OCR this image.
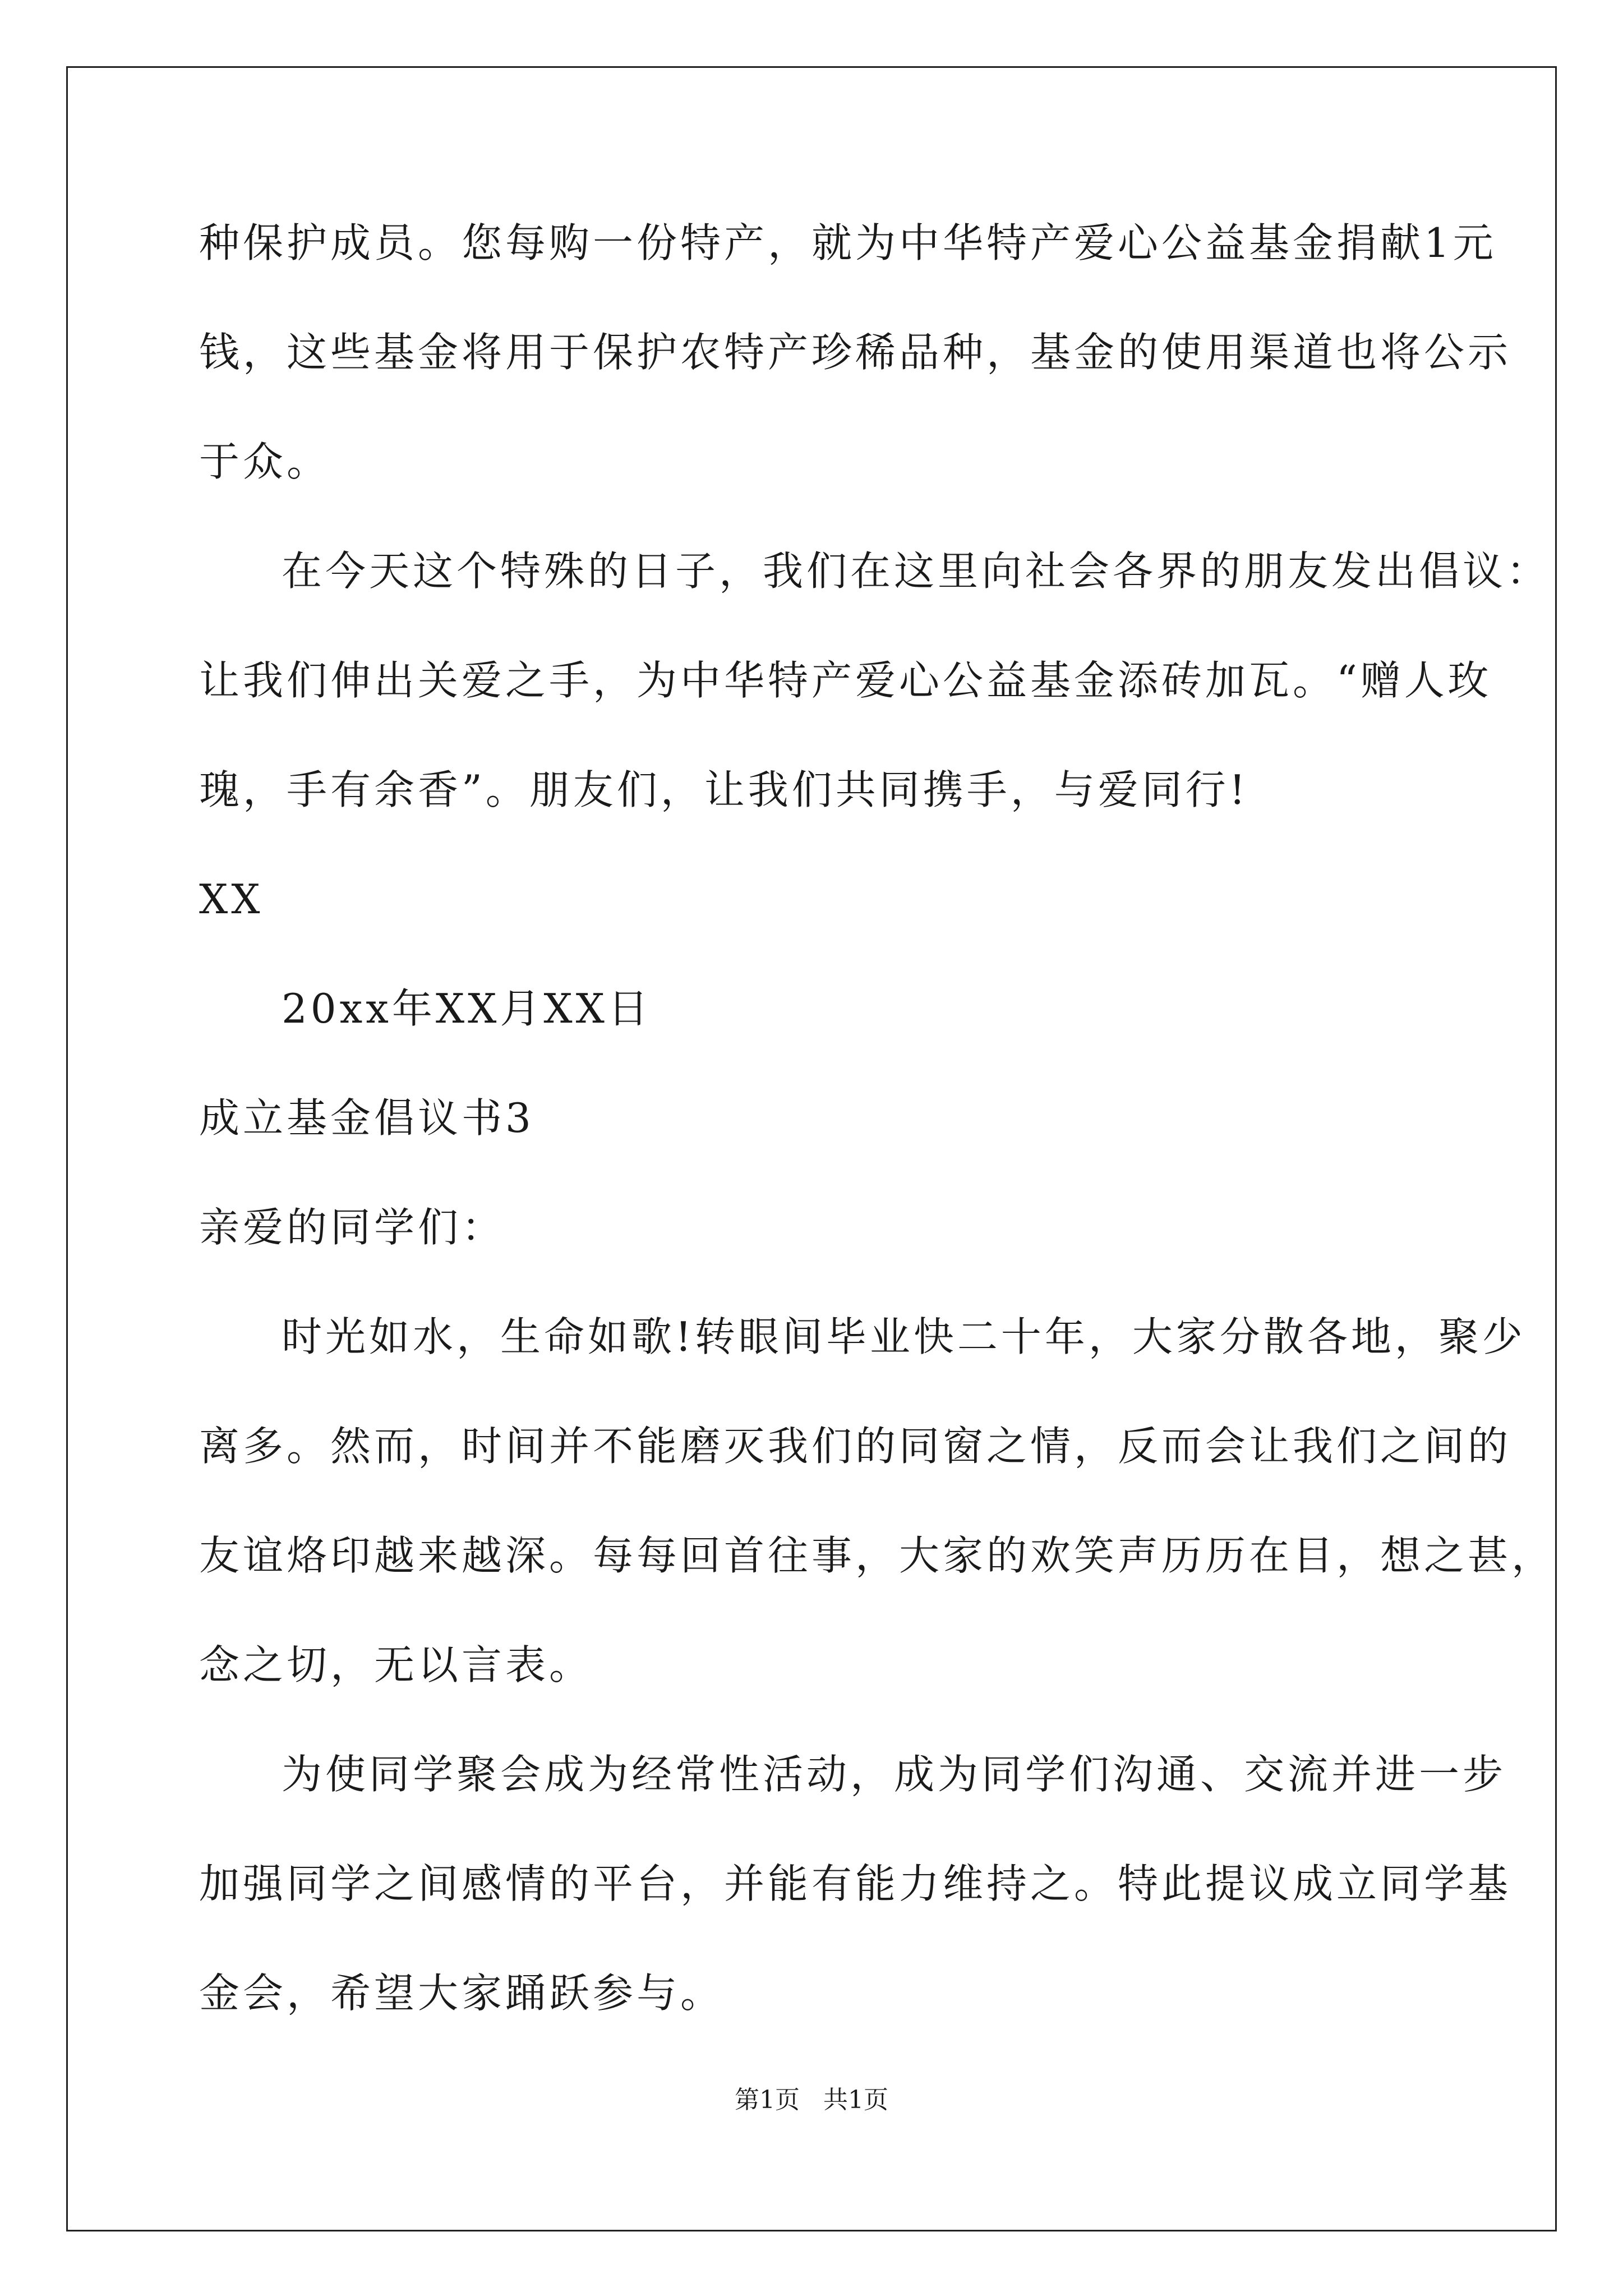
种保护成员。您每购一份特产，就为中华特产爱心公益基金捐献1元
钱，这些基金将用于保护农特产珍稀品种，基金的使用渠道也将公示
于众。
在今天这个特殊的日子，我们在这里向社会各界的朋友发出倡议：
让我们伸出关爱之手，为中华特产爱心公益基金添砖加瓦。“赠人玫
瑰，手有余香”。朋友们，让我们共同携手，与爱同行!
XX
20xx年XX月XX日
成立基金倡议书3
亲爱的同学们：
时光如水，生命如歌!转眼间毕业快二十年，大家分散各地，聚少
离多。然而，时间并不能磨灭我们的同窗之情，反而会让我们之间的
友谊烙印越来越深。每每回首往事，大家的欢笑声历历在目，想之甚，
念之切，无以言表。
为使同学聚会成为经常性活动，成为同学们沟通、交流并进一步
加强同学之间感情的平台，并能有能力维持之。特此提议成立同学基
金会，希望大家踊跃参与。
第1页   共1页
